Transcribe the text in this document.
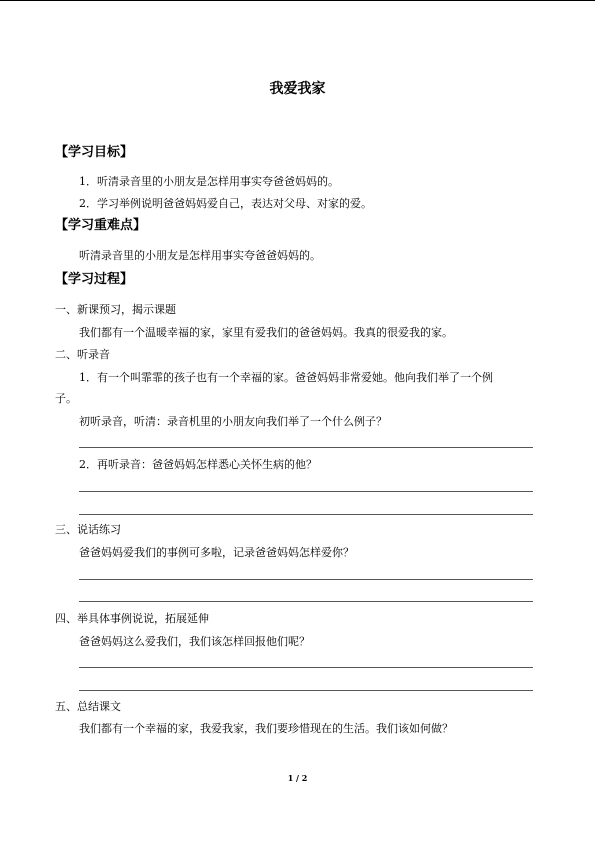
我爱我家
【学习目标】
1．听清录音里的小朋友是怎样用事实夸爸爸妈妈的。
2．学习举例说明爸爸妈妈爱自己，表达对父母、对家的爱。
【学习重难点】
听清录音里的小朋友是怎样用事实夸爸爸妈妈的。
【学习过程】
一、新课预习，揭示课题
我们都有一个温暖幸福的家，家里有爱我们的爸爸妈妈。我真的很爱我的家。
二、听录音
1．有一个叫霏霏的孩子也有一个幸福的家。爸爸妈妈非常爱她。他向我们举了一个例
子。
初听录音，听清：录音机里的小朋友向我们举了一个什么例子？
2．再听录音：爸爸妈妈怎样悉心关怀生病的他？
三、说话练习
爸爸妈妈爱我们的事例可多啦，记录爸爸妈妈怎样爱你？
四、举具体事例说说，拓展延伸
爸爸妈妈这么爱我们，我们该怎样回报他们呢？
五、总结课文
我们都有一个幸福的家，我爱我家，我们要珍惜现在的生活。我们该如何做？
1 / 2
